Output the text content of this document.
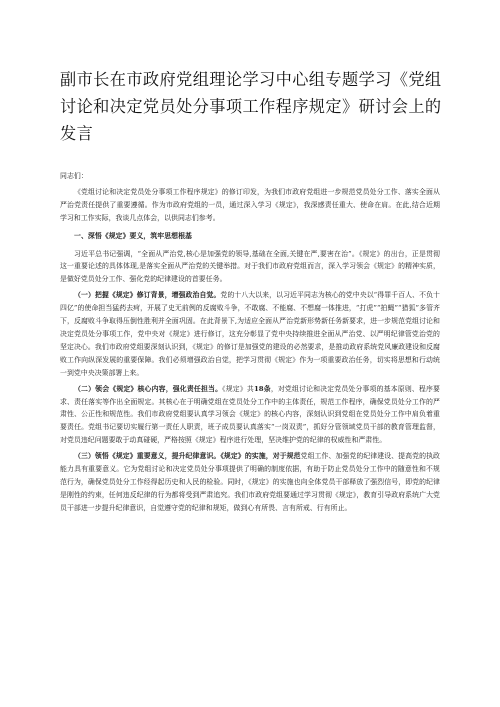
副市长在市政府党组理论学习中心组专题学习《党组讨论和决定党员处分事项工作程序规定》研讨会上的发言

同志们：

《党组讨论和决定党员处分事项工作程序规定》的修订印发，为我们市政府党组进一步规范党员处分工作、落实全面从严治党责任提供了重要遵循。作为市政府党组的一员，通过深入学习《规定》，我深感责任重大、使命在肩。在此,结合近期学习和工作实际，我谈几点体会，以供同志们参考。

一、深悟《规定》要义，筑牢思想根基

习近平总书记强调，“全面从严治党,核心是加强党的领导,基础在全面,关键在严,要害在治”。《规定》的出台，正是贯彻这一重要论述的具体体现,是落实全面从严治党的关键举措。对于我们市政府党组而言，深入学习领会《规定》的精神实质，是做好党员处分工作、强化党的纪律建设的首要任务。

（一）把握《规定》修订背景，增强政治自觉。党的十八大以来，以习近平同志为核心的党中央以“得罪千百人、不负十四亿”的使命担当猛药去疴，开展了史无前例的反腐败斗争，不敢腐、不能腐、不想腐一体推进，“打虎”“拍蝇”“猎狐”多管齐下，反腐败斗争取得压倒性胜利并全面巩固。在此背景下,为适应全面从严治党新形势新任务新要求，进一步规范党组讨论和决定党员处分事项工作，党中央对《规定》进行修订，这充分彰显了党中央持续推进全面从严治党、以严明纪律管党治党的坚定决心。我们市政府党组要深刻认识到，《规定》的修订是加强党的建设的必然要求，是推动政府系统党风廉政建设和反腐败工作向纵深发展的重要保障。我们必须增强政治自觉，把学习贯彻《规定》作为一项重要政治任务，切实将思想和行动统一到党中央决策部署上来。

（二）领会《规定》核心内容，强化责任担当。《规定》共18条，对党组讨论和决定党员处分事项的基本原则、程序要求、责任落实等作出全面规定。其核心在于明确党组在党员处分工作中的主体责任，规范工作程序，确保党员处分工作的严肃性、公正性和规范性。我们市政府党组要认真学习领会《规定》的核心内容，深刻认识到党组在党员处分工作中肩负着重要责任。党组书记要切实履行第一责任人职责，班子成员要认真落实“一岗双责”，抓好分管领域党员干部的教育管理监督，对党员违纪问题要敢于动真碰硬，严格按照《规定》程序进行处理，坚决维护党的纪律的权威性和严肃性。

（三）领悟《规定》重要意义，提升纪律意识。《规定》的实施，对于规范党组工作、加强党的纪律建设、提高党的执政能力具有重要意义。它为党组讨论和决定党员处分事项提供了明确的制度依据，有助于防止党员处分工作中的随意性和不规范行为，确保党员处分工作经得起历史和人民的检验。同时，《规定》的实施也向全体党员干部释放了强烈信号，即党的纪律是刚性的约束，任何违反纪律的行为都将受到严肃追究。我们市政府党组要通过学习贯彻《规定》，教育引导政府系统广大党员干部进一步提升纪律意识，自觉遵守党的纪律和规矩，做到心有所畏、言有所戒、行有所止。
